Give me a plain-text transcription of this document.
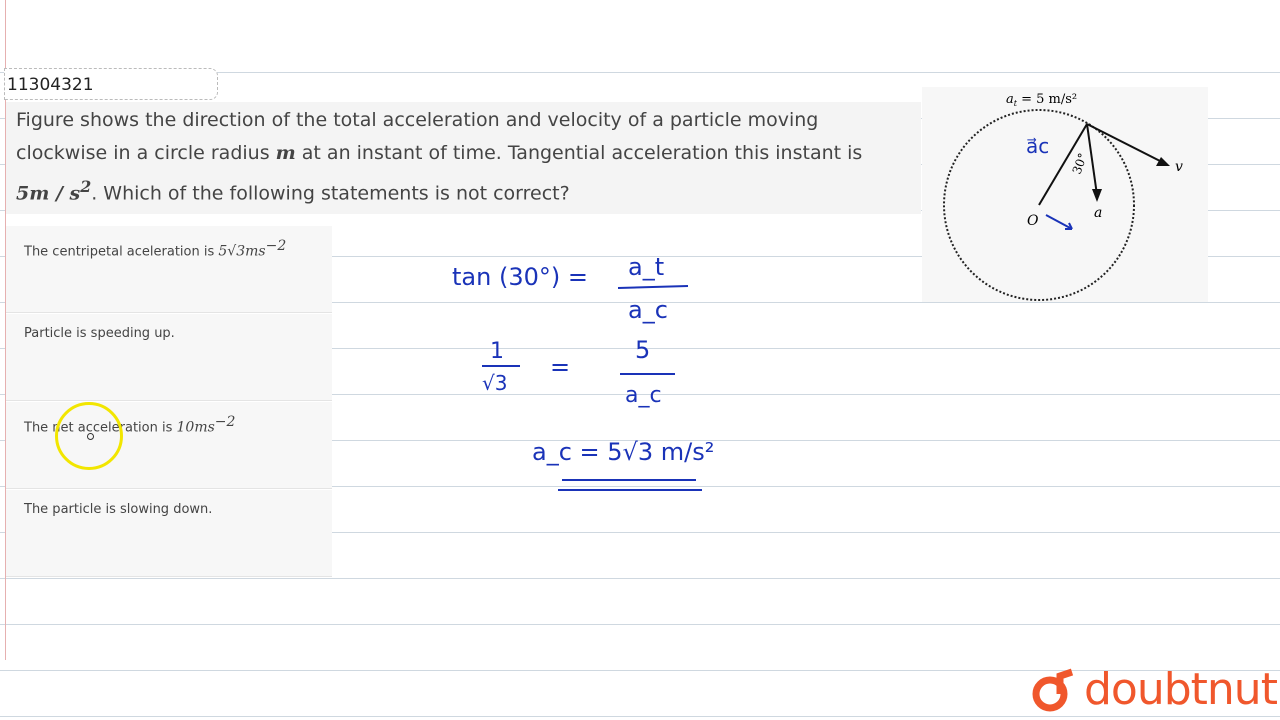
11304321
Figure shows the direction of the total acceleration and velocity of a particle moving
clockwise in a circle radius m at an instant of time. Tangential acceleration this instant is
$5m / s^2$. Which of the following statements is not correct?
The centripetal aceleration is $5√3ms^{-2}$
Particle is speeding up.
The net acceleration is $10ms^{-2}$
The particle is slowing down.
$a_t = 5$ m/s²
a⃗c
30°	v
a
O
tan (30°) = a_t
a_c
1
√3
=
5
a_c
a_c = 5√3 m/s²
doubtnut
